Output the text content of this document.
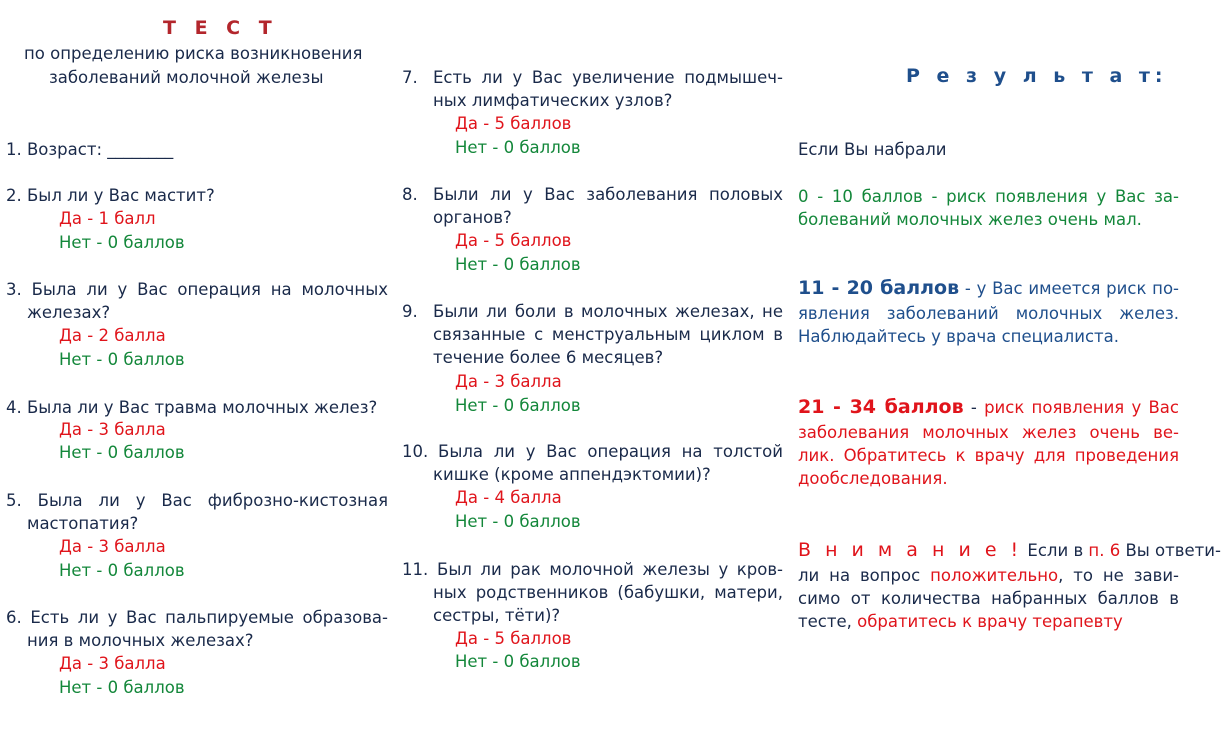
Т Е С Т
по определению риска возникновения
заболеваний молочной железы
1. Возраст: ________
2. Был ли у Вас мастит?
Да - 1 балл
Нет - 0 баллов
3. Была ли у Вас операция на молочных
железах?
Да - 2 балла
Нет - 0 баллов
4. Была ли у Вас травма молочных желез?
Да - 3 балла
Нет - 0 баллов
5. Была ли у Вас фиброзно-кистозная
мастопатия?
Да - 3 балла
Нет - 0 баллов
6. Есть ли у Вас пальпируемые образова-
ния в молочных железах?
Да - 3 балла
Нет - 0 баллов
7. Есть ли у Вас увеличение подмышеч-
ных лимфатических узлов?
Да - 5 баллов
Нет - 0 баллов
8. Были ли у Вас заболевания половых
органов?
Да - 5 баллов
Нет - 0 баллов
9. Были ли боли в молочных железах, не
связанные с менструальным циклом в
течение более 6 месяцев?
Да - 3 балла
Нет - 0 баллов
10. Была ли у Вас операция на толстой
кишке (кроме аппендэктомии)?
Да - 4 балла
Нет - 0 баллов
11. Был ли рак молочной железы у кров-
ных родственников (бабушки, матери,
сестры, тёти)?
Да - 5 баллов
Нет - 0 баллов
Р е з у л ь т а т:
Если Вы набрали
0 - 10 баллов - риск появления у Вас за-
болеваний молочных желез очень мал.
11 - 20 баллов - у Вас имеется риск по-
явления заболеваний молочных желез.
Наблюдайтесь у врача специалиста.
21 - 34 баллов - риск появления у Вас
заболевания молочных желез очень ве-
лик. Обратитесь к врачу для проведения
дообследования.
В н и м а н и е ! Если в п. 6 Вы ответи-
ли на вопрос положительно, то не зави-
симо от количества набранных баллов в
тесте, обратитесь к врачу терапевту
